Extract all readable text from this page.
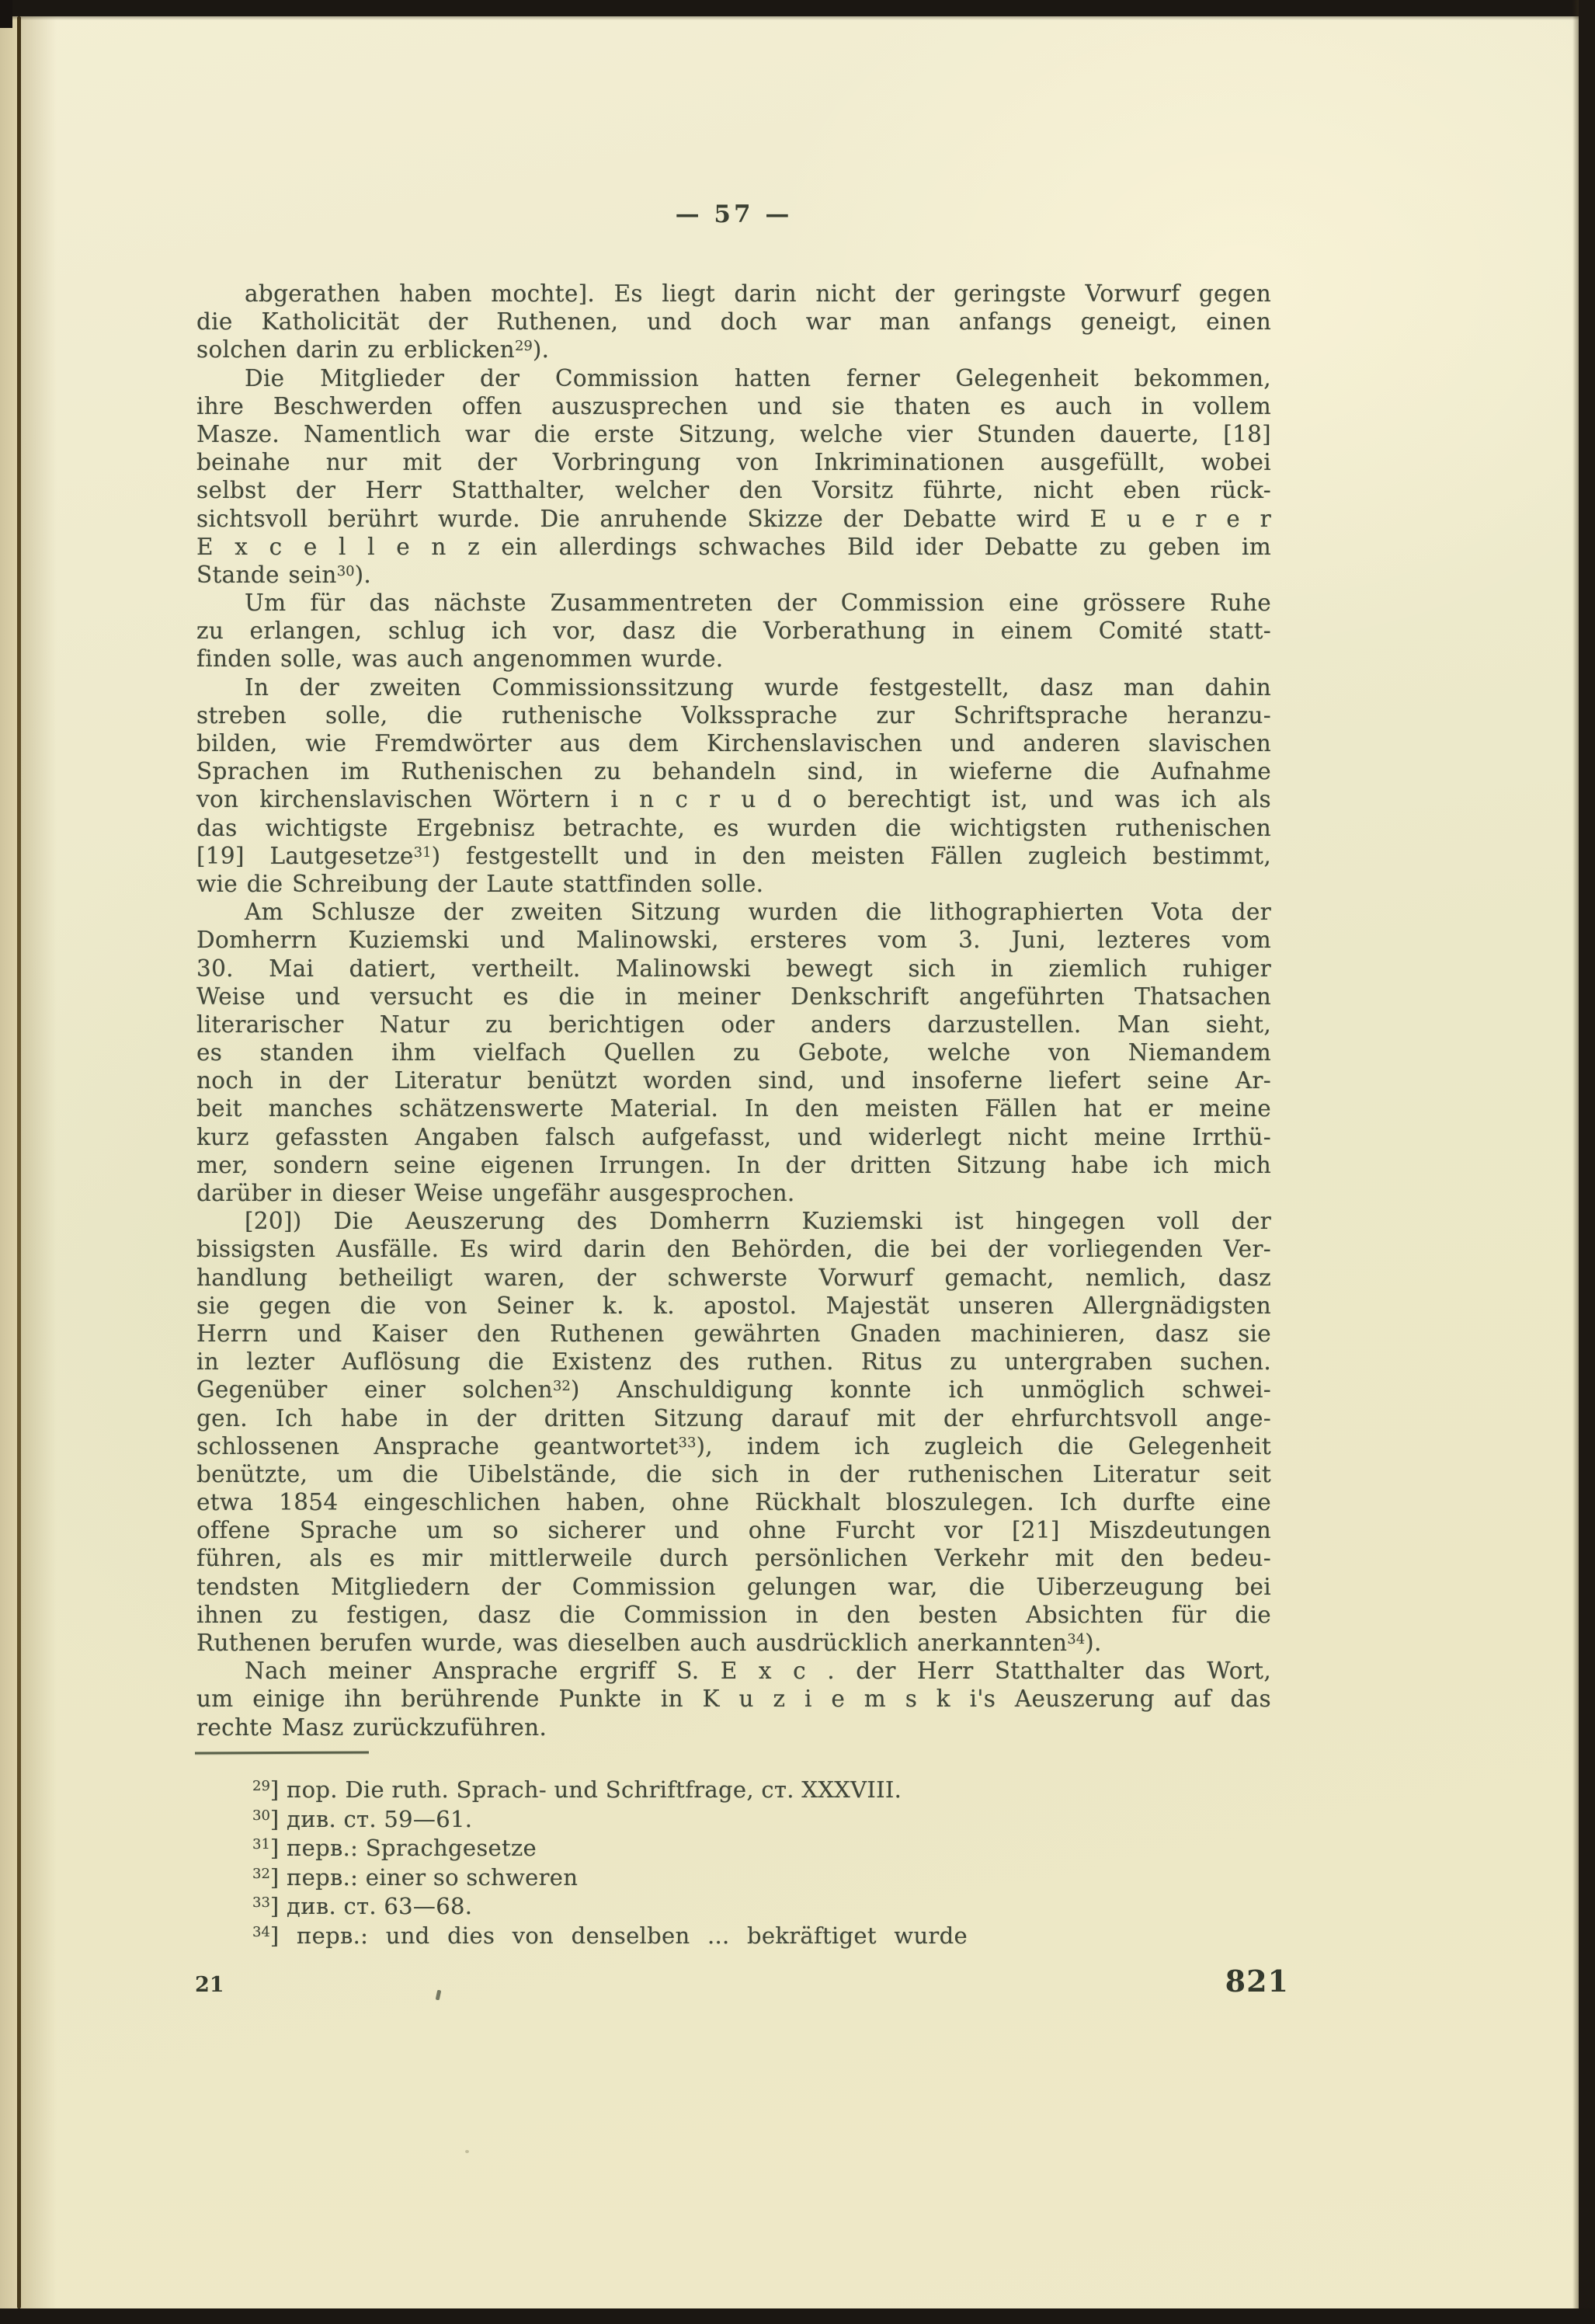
— 57 —
abgerathen haben mochte]. Es liegt darin nicht der geringste Vorwurf gegen
die Katholicität der Ruthenen, und doch war man anfangs geneigt, einen
solchen darin zu erblicken$^{29}$).
Die Mitglieder der Commission hatten ferner Gelegenheit bekommen,
ihre Beschwerden offen auszusprechen und sie thaten es auch in vollem
Masze. Namentlich war die erste Sitzung, welche vier Stunden dauerte, [18]
beinahe nur mit der Vorbringung von Inkriminationen ausgefüllt, wobei
selbst der Herr Statthalter, welcher den Vorsitz führte, nicht eben rück-
sichtsvoll berührt wurde. Die anruhende Skizze der Debatte wird E u e r e r
E x c e l l e n z ein allerdings schwaches Bild ider Debatte zu geben im
Stande sein$^{30}$).
Um für das nächste Zusammentreten der Commission eine grössere Ruhe
zu erlangen, schlug ich vor, dasz die Vorberathung in einem Comité statt-
finden solle, was auch angenommen wurde.
In der zweiten Commissionssitzung wurde festgestellt, dasz man dahin
streben solle, die ruthenische Volkssprache zur Schriftsprache heranzu-
bilden, wie Fremdwörter aus dem Kirchenslavischen und anderen slavischen
Sprachen im Ruthenischen zu behandeln sind, in wieferne die Aufnahme
von kirchenslavischen Wörtern i n c r u d o berechtigt ist, und was ich als
das wichtigste Ergebnisz betrachte, es wurden die wichtigsten ruthenischen
[19] Lautgesetze$^{31}$) festgestellt und in den meisten Fällen zugleich bestimmt,
wie die Schreibung der Laute stattfinden solle.
Am Schlusze der zweiten Sitzung wurden die lithographierten Vota der
Domherrn Kuziemski und Malinowski, ersteres vom 3. Juni, lezteres vom
30. Mai datiert, vertheilt. Malinowski bewegt sich in ziemlich ruhiger
Weise und versucht es die in meiner Denkschrift angeführten Thatsachen
literarischer Natur zu berichtigen oder anders darzustellen. Man sieht,
es standen ihm vielfach Quellen zu Gebote, welche von Niemandem
noch in der Literatur benützt worden sind, und insoferne liefert seine Ar-
beit manches schätzenswerte Material. In den meisten Fällen hat er meine
kurz gefassten Angaben falsch aufgefasst, und widerlegt nicht meine Irrthü-
mer, sondern seine eigenen Irrungen. In der dritten Sitzung habe ich mich
darüber in dieser Weise ungefähr ausgesprochen.
[20]) Die Aeuszerung des Domherrn Kuziemski ist hingegen voll der
bissigsten Ausfälle. Es wird darin den Behörden, die bei der vorliegenden Ver-
handlung betheiligt waren, der schwerste Vorwurf gemacht, nemlich, dasz
sie gegen die von Seiner k. k. apostol. Majestät unseren Allergnädigsten
Herrn und Kaiser den Ruthenen gewährten Gnaden machinieren, dasz sie
in lezter Auflösung die Existenz des ruthen. Ritus zu untergraben suchen.
Gegenüber einer solchen$^{32}$) Anschuldigung konnte ich unmöglich schwei-
gen. Ich habe in der dritten Sitzung darauf mit der ehrfurchtsvoll ange-
schlossenen Ansprache geantwortet$^{33}$), indem ich zugleich die Gelegenheit
benützte, um die Uibelstände, die sich in der ruthenischen Literatur seit
etwa 1854 eingeschlichen haben, ohne Rückhalt bloszulegen. Ich durfte eine
offene Sprache um so sicherer und ohne Furcht vor [21] Miszdeutungen
führen, als es mir mittlerweile durch persönlichen Verkehr mit den bedeu-
tendsten Mitgliedern der Commission gelungen war, die Uiberzeugung bei
ihnen zu festigen, dasz die Commission in den besten Absichten für die
Ruthenen berufen wurde, was dieselben auch ausdrücklich anerkannten$^{34}$).
Nach meiner Ansprache ergriff S. E x c . der Herr Statthalter das Wort,
um einige ihn berührende Punkte in K u z i e m s k i's Aeuszerung auf das
rechte Masz zurückzuführen.
$^{29}$] пор. Die ruth. Sprach- und Schriftfrage, ст. XXXVIII.
$^{30}$] див. ст. 59—61.
$^{31}$] перв.: Sprachgesetze
$^{32}$] перв.: einer so schweren
$^{33}$] див. ст. 63—68.
$^{34}$] перв.: und dies von denselben ... bekräftiget wurde
21	821
